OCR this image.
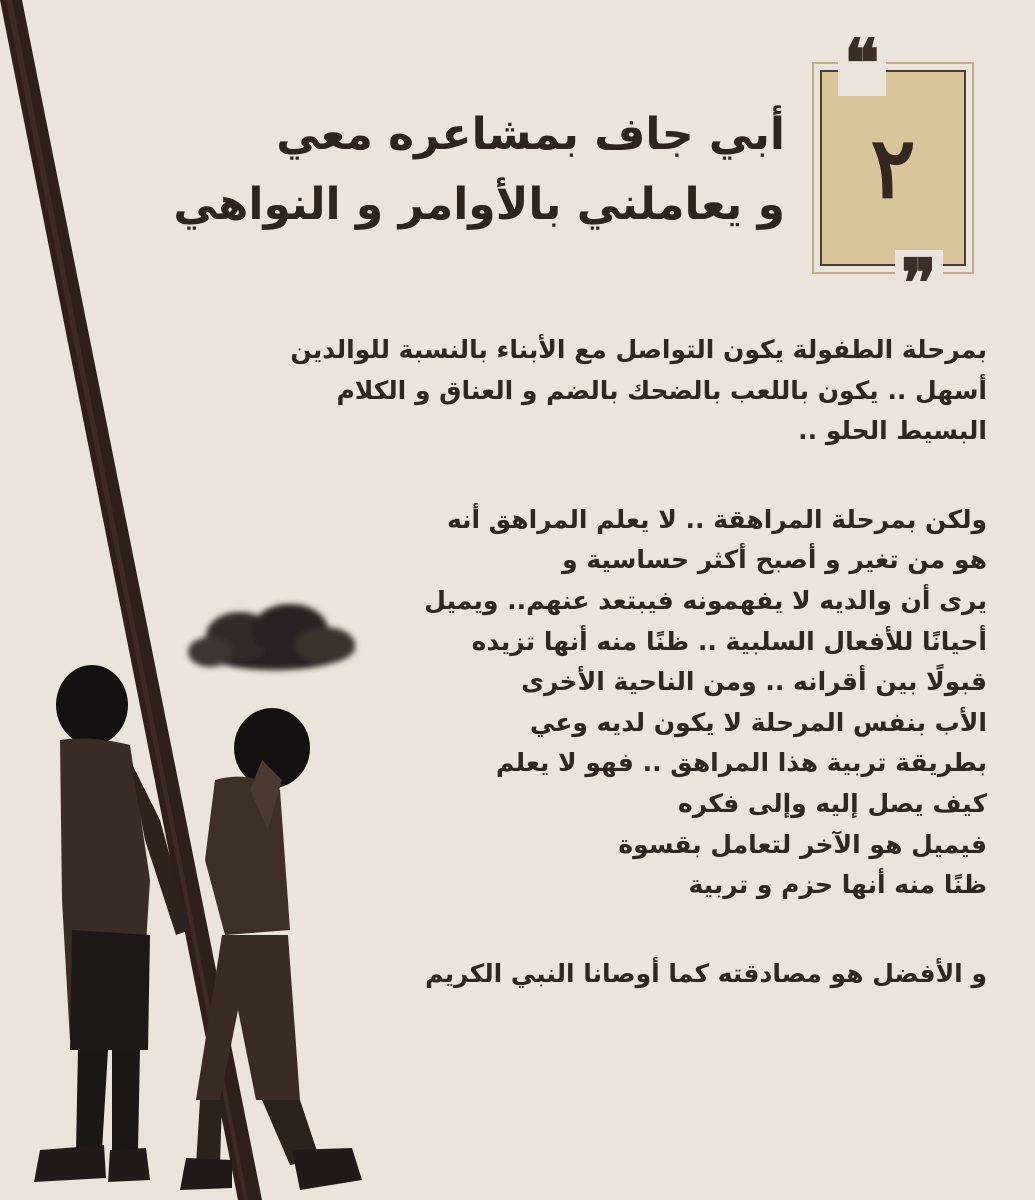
٢
❝
❞
أبي جاف بمشاعره معي
و يعاملني بالأوامر و النواهي
بمرحلة الطفولة يكون التواصل مع الأبناء بالنسبة للوالدين
أسهل .. يكون باللعب بالضحك بالضم و العناق و الكلام
البسيط الحلو ..
ولكن بمرحلة المراهقة .. لا يعلم المراهق أنه
هو من تغير و أصبح أكثر حساسية و
يرى أن والديه لا يفهمونه فيبتعد عنهم.. ويميل
أحيانًا للأفعال السلبية .. ظنًا منه أنها تزيده
قبولًا بين أقرانه .. ومن الناحية الأخرى
الأب بنفس المرحلة لا يكون لديه وعي
بطريقة تربية هذا المراهق .. فهو لا يعلم
كيف يصل إليه وإلى فكره
فيميل هو الآخر لتعامل بقسوة
ظنًا منه أنها حزم و تربية
و الأفضل هو مصادقته كما أوصانا النبي الكريم
